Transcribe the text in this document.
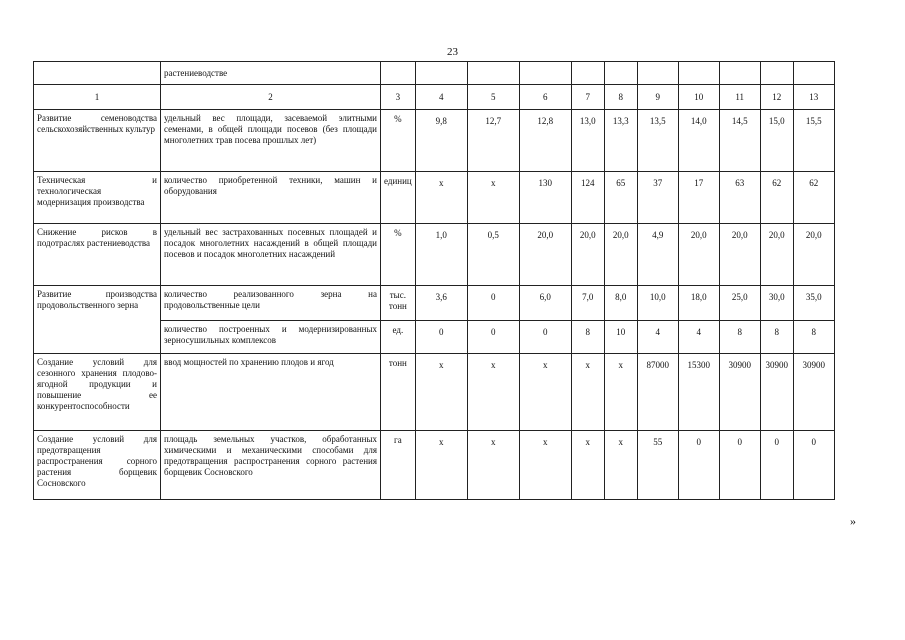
23
	растениеводстве											
1	2	3	4	5	6	7	8	9	10	11	12	13
Развитие семеноводства сельскохозяйственных культур	удельный вес площади, засеваемой элитными семенами, в общей площади посевов (без площади многолетних трав посева прошлых лет)	%	9,8	12,7	12,8	13,0	13,3	13,5	14,0	14,5	15,0	15,5
Техническая и технологическая модернизация производства	количество приобретенной техники, машин и оборудования	единиц	х	х	130	124	65	37	17	63	62	62
Снижение рисков в подотраслях растениеводства	удельный вес застрахованных посевных площадей и посадок многолетних насаждений в общей площади посевов и посадок многолетних насаждений	%	1,0	0,5	20,0	20,0	20,0	4,9	20,0	20,0	20,0	20,0
Развитие производства продовольственного зерна	количество реализованного зерна на продовольственные цели	тыс. тонн	3,6	0	6,0	7,0	8,0	10,0	18,0	25,0	30,0	35,0
	количество построенных и модернизированных зерносушильных комплексов	ед.	0	0	0	8	10	4	4	8	8	8
Создание условий для сезонного хранения плодово-ягодной продукции и повышение ее конкурентоспособности	ввод мощностей по хранению плодов и ягод	тонн	х	х	х	х	х	87000	15300	30900	30900	30900
Создание условий для предотвращения распространения сорного растения борщевик Сосновского	площадь земельных участков, обработанных химическими и механическими способами для предотвращения распространения сорного растения борщевик Сосновского	га	х	х	х	х	х	55	0	0	0	0
»
